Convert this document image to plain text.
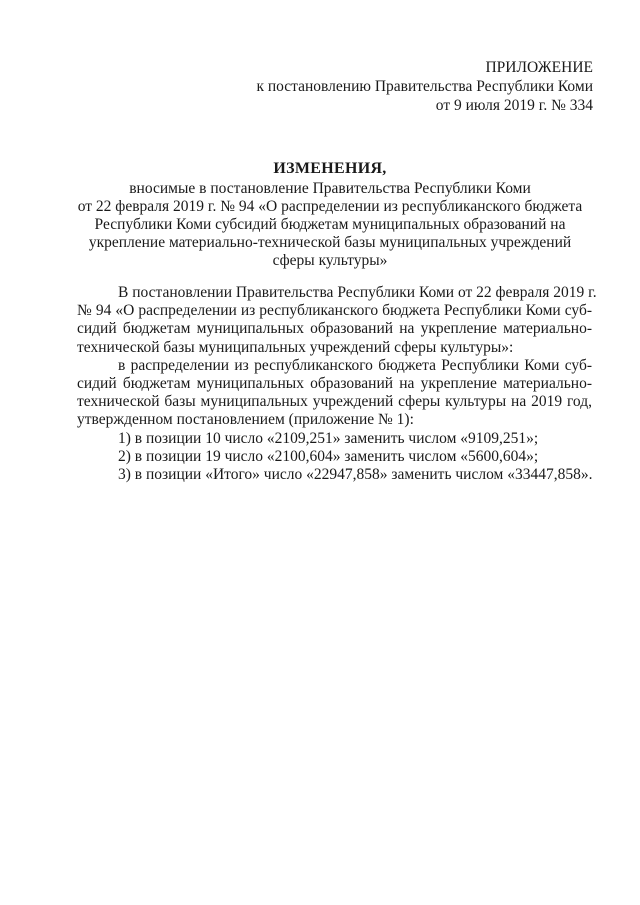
ПРИЛОЖЕНИЕ
к постановлению Правительства Республики Коми
от 9 июля 2019 г. № 334
ИЗМЕНЕНИЯ,
вносимые в постановление Правительства Республики Коми
от 22 февраля 2019 г. № 94 «О распределении из республиканского бюджета
Республики Коми субсидий бюджетам муниципальных образований на
укрепление материально-технической базы муниципальных учреждений
сферы культуры»
В постановлении Правительства Республики Коми от 22 февраля 2019 г.
№ 94 «О распределении из республиканского бюджета Республики Коми суб-
сидий бюджетам муниципальных образований на укрепление материально-
технической базы муниципальных учреждений сферы культуры»:
в распределении из республиканского бюджета Республики Коми суб-
сидий бюджетам муниципальных образований на укрепление материально-
технической базы муниципальных учреждений сферы культуры на 2019 год,
утвержденном постановлением (приложение № 1):
1) в позиции 10 число «2109,251» заменить числом «9109,251»;
2) в позиции 19 число «2100,604» заменить числом «5600,604»;
3) в позиции «Итого» число «22947,858» заменить числом «33447,858».
